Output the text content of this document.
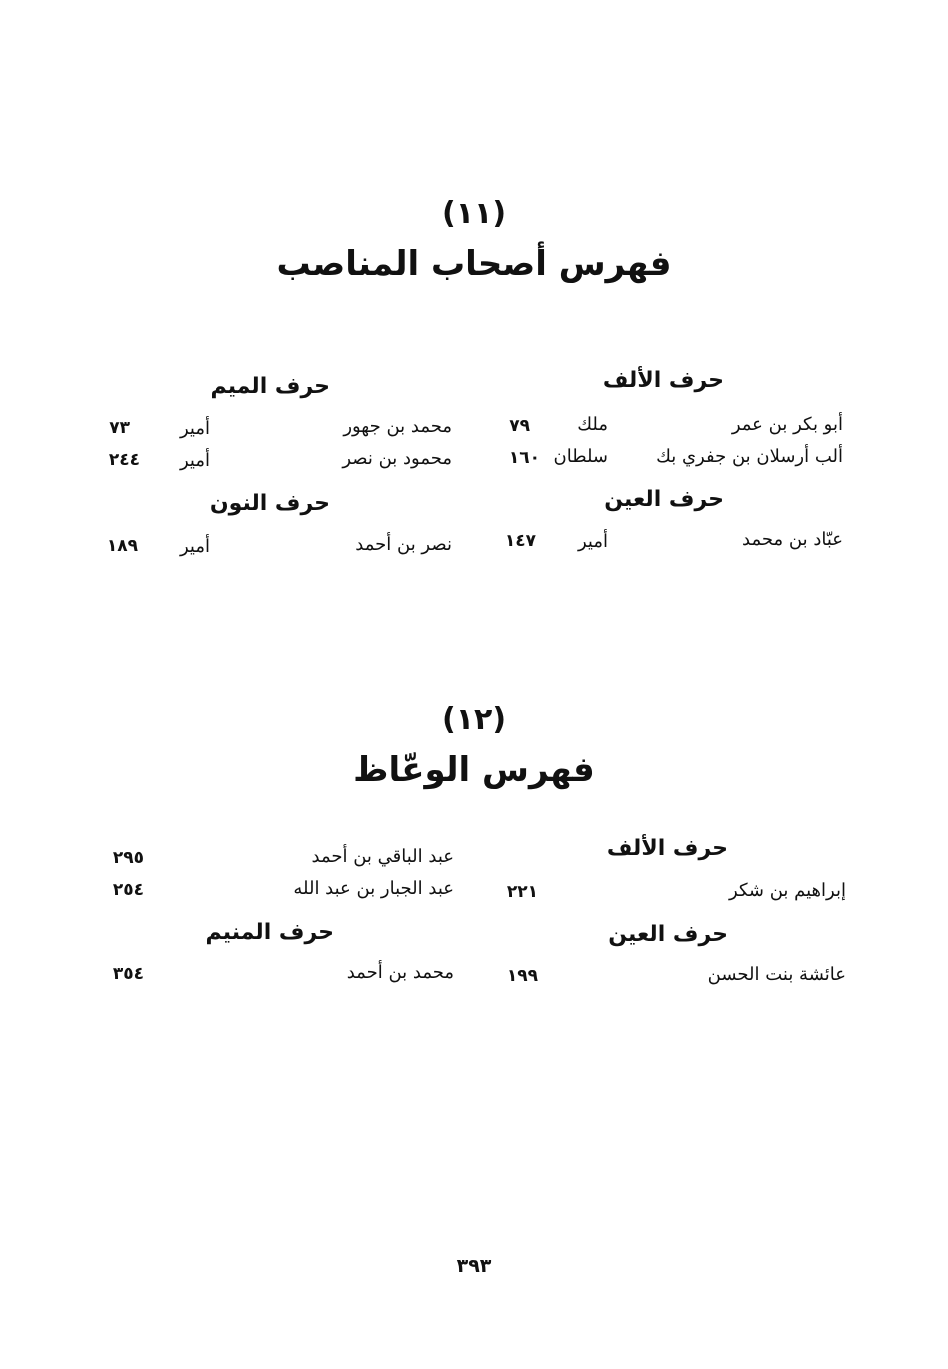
(١١)
فهرس أصحاب المناصب
حرف الألف
حرف الميم
أبو بكر بن عمر
ملك
٧٩
ألب أرسلان بن جفري بك
سلطان
١٦٠
حرف العين
عبّاد بن محمد
أمير
١٤٧
محمد بن جهور
أمير
٧٣
محمود بن نصر
أمير
٢٤٤
حرف النون
نصر بن أحمد
أمير
١٨٩
(١٢)
فهرس الوعّاظ
حرف الألف
إبراهيم بن شكر
٢٢١
حرف العين
عائشة بنت الحسن
١٩٩
عبد الباقي بن أحمد
٢٩٥
عبد الجبار بن عبد الله
٢٥٤
حرف المنيم
محمد بن أحمد
٣٥٤
٣٩٣
